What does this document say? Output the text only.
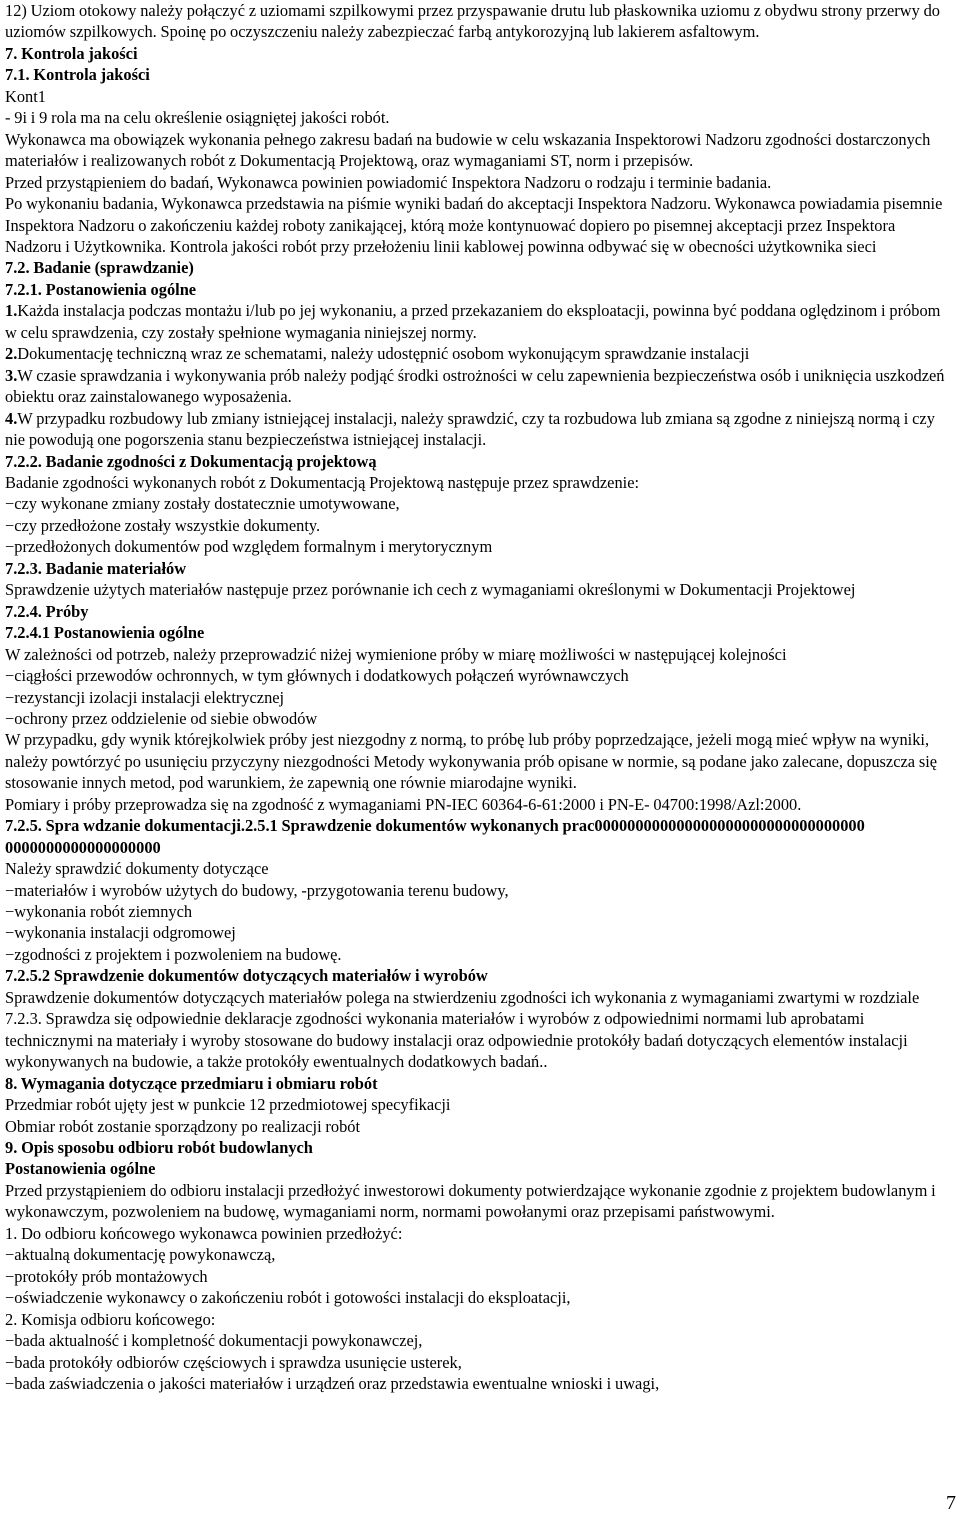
12) Uziom otokowy należy połączyć z uziomami szpilkowymi przez przyspawanie drutu lub płaskownika uziomu z obydwu strony przerwy do uziomów szpilkowych. Spoinę po oczyszczeniu należy zabezpieczać farbą antykorozyjną lub lakierem asfaltowym.
7. Kontrola jakości
7.1. Kontrola jakości
Kont1
- 9i i 9 rola ma na celu określenie osiągniętej jakości robót.
Wykonawca ma obowiązek wykonania pełnego zakresu badań na budowie w celu wskazania Inspektorowi Nadzoru zgodności dostarczonych materiałów i realizowanych robót z Dokumentacją Projektową, oraz wymaganiami ST, norm i przepisów.
Przed przystąpieniem do badań, Wykonawca powinien powiadomić Inspektora Nadzoru o rodzaju i terminie badania.
Po wykonaniu badania, Wykonawca przedstawia na piśmie wyniki badań do akceptacji Inspektora Nadzoru. Wykonawca powiadamia pisemnie Inspektora Nadzoru o zakończeniu każdej roboty zanikającej, którą może kontynuować dopiero po pisemnej akceptacji przez Inspektora Nadzoru i Użytkownika. Kontrola jakości robót przy przełożeniu linii kablowej powinna odbywać się w obecności użytkownika sieci
7.2. Badanie (sprawdzanie)
7.2.1. Postanowienia ogólne
1.Każda instalacja podczas montażu i/lub po jej wykonaniu, a przed przekazaniem do eksploatacji, powinna być poddana oględzinom i próbom w celu sprawdzenia, czy zostały spełnione wymagania niniejszej normy.
2.Dokumentację techniczną wraz ze schematami, należy udostępnić osobom wykonującym sprawdzanie instalacji
3.W czasie sprawdzania i wykonywania prób należy podjąć środki ostrożności w celu zapewnienia bezpieczeństwa osób i uniknięcia uszkodzeń obiektu oraz zainstalowanego wyposażenia.
4.W przypadku rozbudowy lub zmiany istniejącej instalacji, należy sprawdzić, czy ta rozbudowa lub zmiana są zgodne z niniejszą normą i czy nie powodują one pogorszenia stanu bezpieczeństwa istniejącej instalacji.
7.2.2. Badanie zgodności z Dokumentacją projektową
Badanie zgodności wykonanych robót z Dokumentacją Projektową następuje przez sprawdzenie:
−czy wykonane zmiany zostały dostatecznie umotywowane,
−czy przedłożone zostały wszystkie dokumenty.
−przedłożonych dokumentów pod względem formalnym i merytorycznym
7.2.3. Badanie materiałów
Sprawdzenie użytych materiałów następuje przez porównanie ich cech z wymaganiami określonymi w Dokumentacji Projektowej
7.2.4. Próby
7.2.4.1 Postanowienia ogólne
W zależności od potrzeb, należy przeprowadzić niżej wymienione próby w miarę możliwości w następującej kolejności
−ciągłości przewodów ochronnych, w tym głównych i dodatkowych połączeń wyrównawczych
−rezystancji izolacji instalacji elektrycznej
−ochrony przez oddzielenie od siebie obwodów
W przypadku, gdy wynik którejkolwiek próby jest niezgodny z normą, to próbę lub próby poprzedzające, jeżeli mogą mieć wpływ na wyniki, należy powtórzyć po usunięciu przyczyny niezgodności Metody wykonywania prób opisane w normie, są podane jako zalecane, dopuszcza się stosowanie innych metod, pod warunkiem, że zapewnią one równie miarodajne wyniki.
Pomiary i próby przeprowadza się na zgodność z wymaganiami PN-IEC 60364-6-61:2000 i PN-E- 04700:1998/Azl:2000.
7.2.5. Spra wdzanie dokumentacji.2.5.1 Sprawdzenie dokumentów wykonanych prac000000000000000000000000000000000 0000000000000000000
Należy sprawdzić dokumenty dotyczące
−materiałów i wyrobów użytych do budowy, -przygotowania terenu budowy,
−wykonania robót ziemnych
−wykonania instalacji odgromowej
−zgodności z projektem i pozwoleniem na budowę.
7.2.5.2 Sprawdzenie dokumentów dotyczących materiałów i wyrobów
Sprawdzenie dokumentów dotyczących materiałów polega na stwierdzeniu zgodności ich wykonania z wymaganiami zwartymi w rozdziale 7.2.3. Sprawdza się odpowiednie deklaracje zgodności wykonania materiałów i wyrobów z odpowiednimi normami lub aprobatami technicznymi na materiały i wyroby stosowane do budowy instalacji oraz odpowiednie protokóły badań dotyczących elementów instalacji wykonywanych na budowie, a także protokóły ewentualnych dodatkowych badań..
8. Wymagania dotyczące przedmiaru i obmiaru robót
Przedmiar robót ujęty jest w punkcie 12 przedmiotowej specyfikacji
Obmiar robót zostanie sporządzony po realizacji robót
9. Opis sposobu odbioru robót budowlanych
Postanowienia ogólne
Przed przystąpieniem do odbioru instalacji przedłożyć inwestorowi dokumenty potwierdzające wykonanie zgodnie z projektem budowlanym i wykonawczym, pozwoleniem na budowę, wymaganiami norm, normami powołanymi oraz przepisami państwowymi.
1. Do odbioru końcowego wykonawca powinien przedłożyć:
−aktualną dokumentację powykonawczą,
−protokóły prób montażowych
−oświadczenie wykonawcy o zakończeniu robót i gotowości instalacji do eksploatacji,
2. Komisja odbioru końcowego:
−bada aktualność i kompletność dokumentacji powykonawczej,
−bada protokóły odbiorów częściowych i sprawdza usunięcie usterek,
−bada zaświadczenia o jakości materiałów i urządzeń oraz przedstawia ewentualne wnioski i uwagi,
7
